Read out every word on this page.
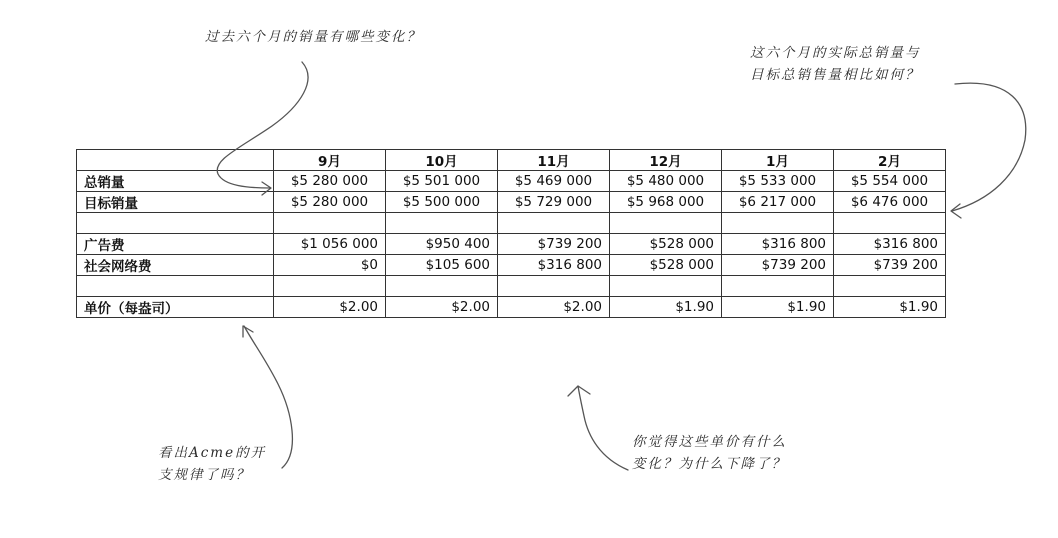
过去六个月的销量有哪些变化？
这六个月的实际总销量与
目标总销售量相比如何？
看出Acme的开
支规律了吗？
你觉得这些单价有什么
变化？为什么下降了？
	9月	10月	11月	12月	1月	2月
总销量	$5 280 000	$5 501 000	$5 469 000	$5 480 000	$5 533 000	$5 554 000
目标销量	$5 280 000	$5 500 000	$5 729 000	$5 968 000	$6 217 000	$6 476 000

广告费	$1 056 000	$950 400	$739 200	$528 000	$316 800	$316 800
社会网络费	$0	$105 600	$316 800	$528 000	$739 200	$739 200

单价（每盎司）	$2.00	$2.00	$2.00	$1.90	$1.90	$1.90
